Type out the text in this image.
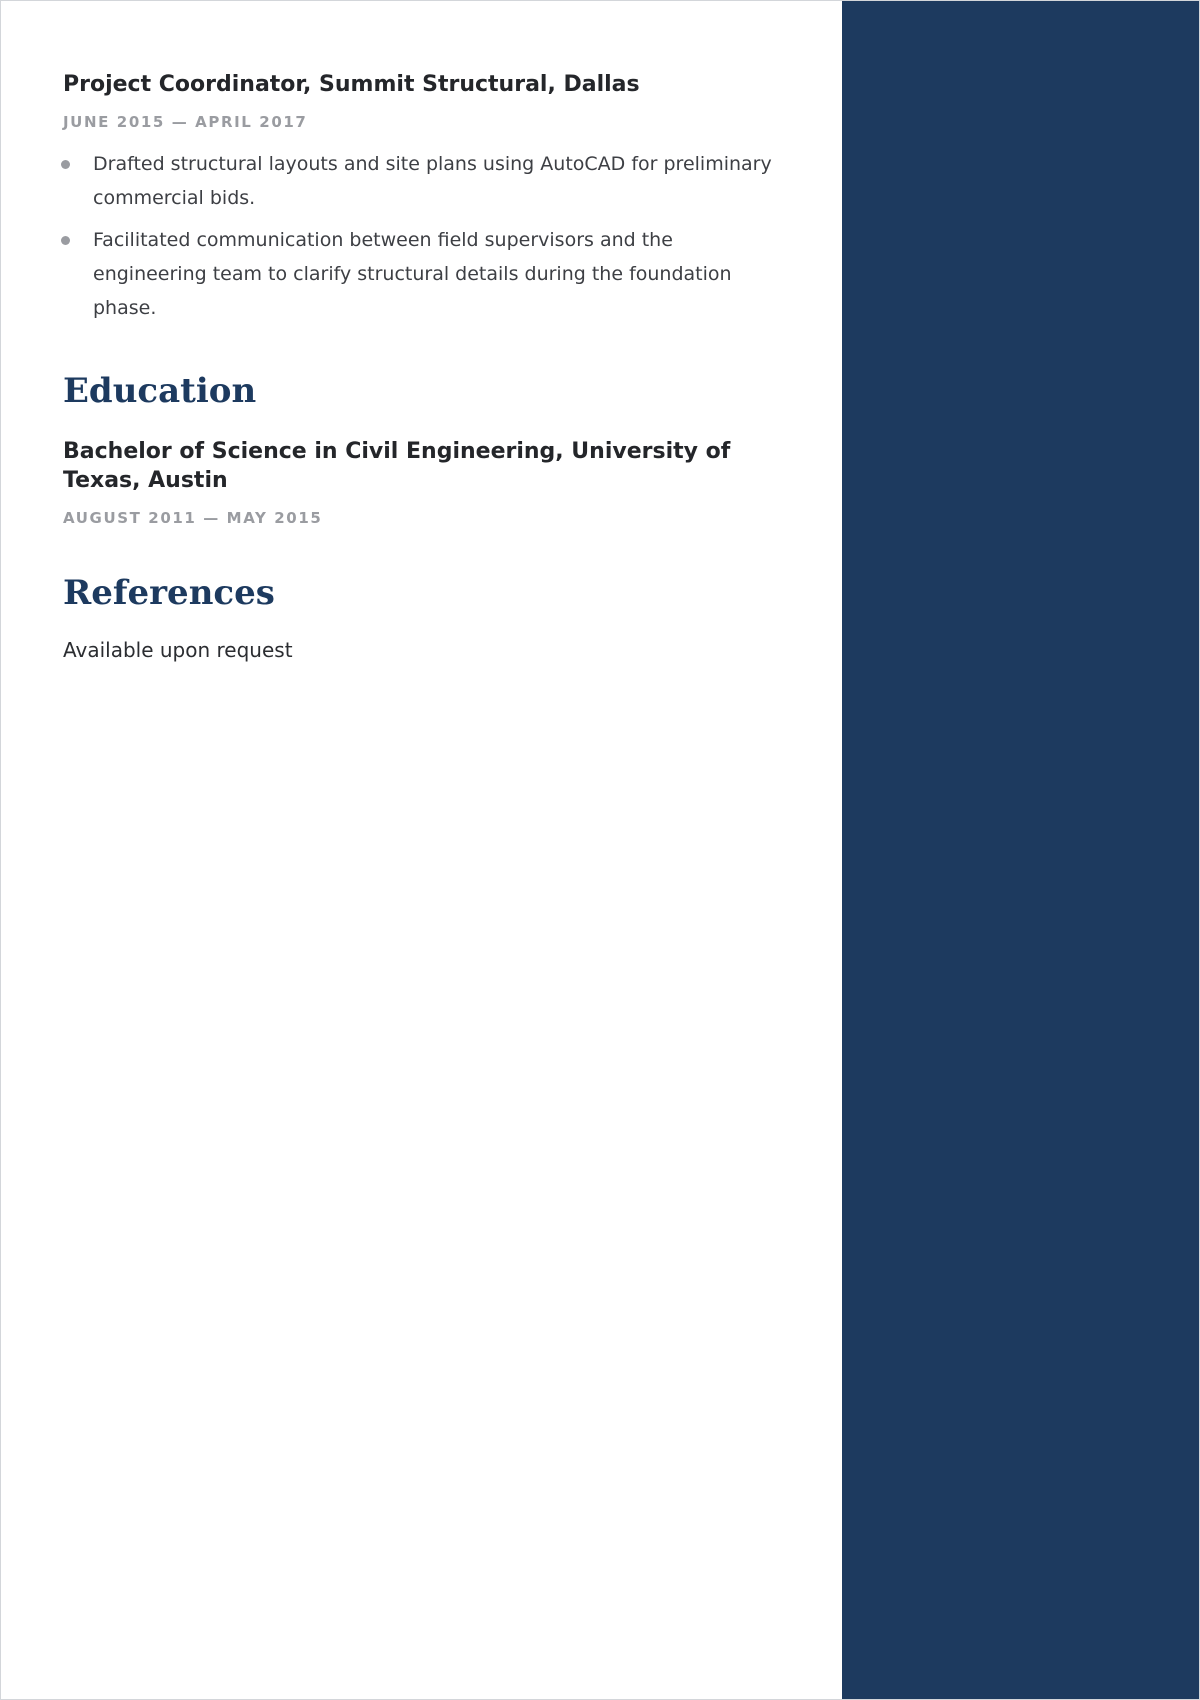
Project Coordinator, Summit Structural, Dallas
JUNE 2015 — APRIL 2017
Drafted structural layouts and site plans using AutoCAD for preliminary commercial bids.
Facilitated communication between field supervisors and the engineering team to clarify structural details during the foundation phase.
Education
Bachelor of Science in Civil Engineering, University of Texas, Austin
AUGUST 2011 — MAY 2015
References
Available upon request
